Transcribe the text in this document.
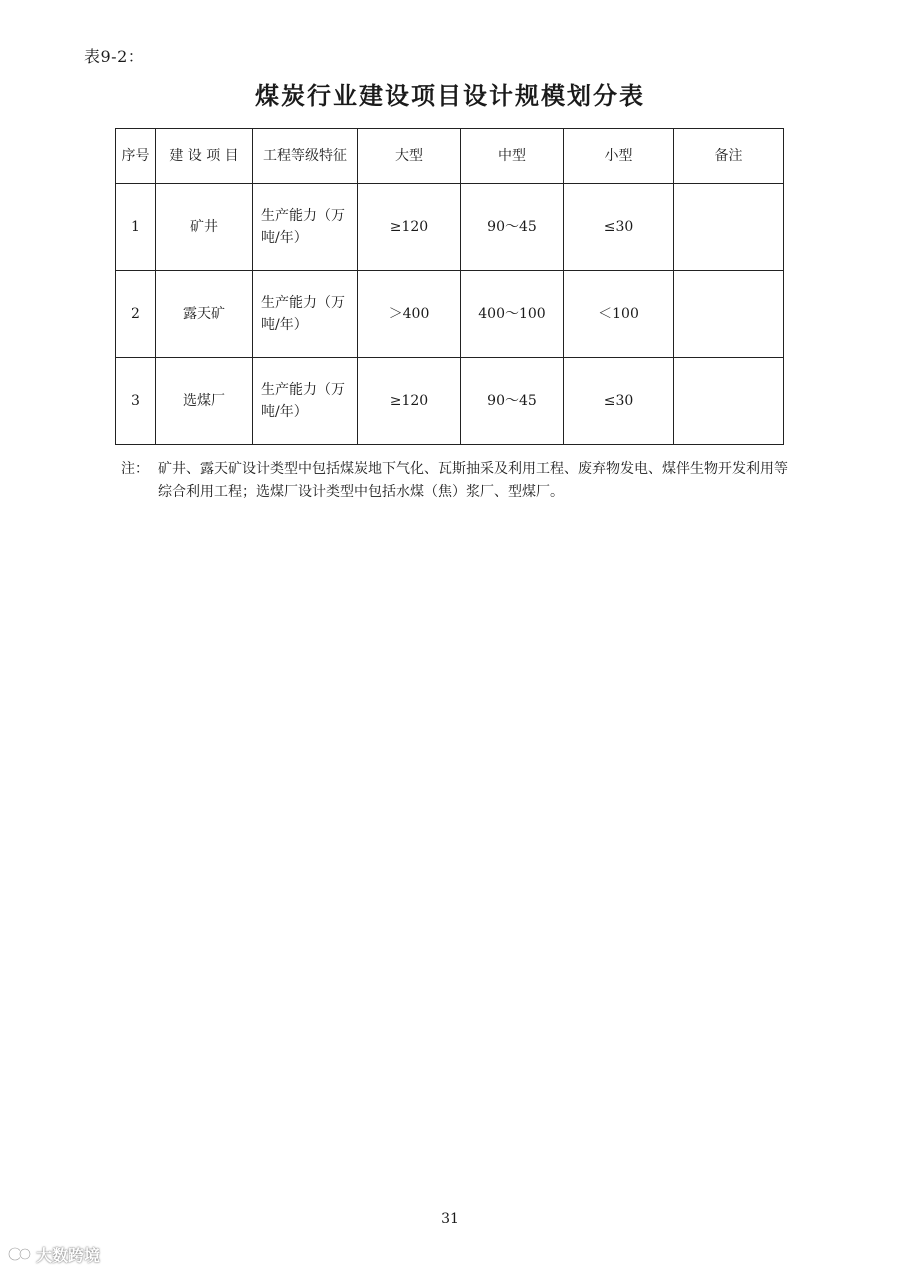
表9-2：
煤炭行业建设项目设计规模划分表
序号	建 设 项 目	工程等级特征	大型	中型	小型	备注
1	矿井	生产能力（万吨/年）	≥120	90～45	≤30	
2	露天矿	生产能力（万吨/年）	＞400	400～100	＜100	
3	选煤厂	生产能力（万吨/年）	≥120	90～45	≤30	
注： 矿井、露天矿设计类型中包括煤炭地下气化、瓦斯抽采及利用工程、废弃物发电、煤伴生物开发利用等综合利用工程；选煤厂设计类型中包括水煤（焦）浆厂、型煤厂。
31
大数跨境
